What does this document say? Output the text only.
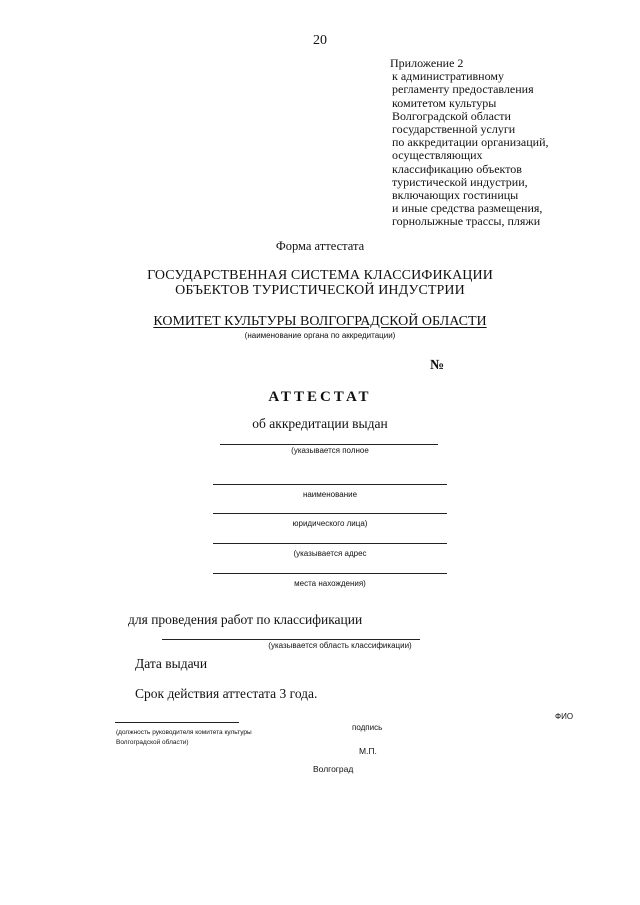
20
Приложение 2
к административному
регламенту предоставления
комитетом культуры
Волгоградской области
государственной услуги
по аккредитации организаций,
осуществляющих
классификацию объектов
туристической индустрии,
включающих гостиницы
и иные средства размещения,
горнолыжные трассы, пляжи
Форма аттестата
ГОСУДАРСТВЕННАЯ СИСТЕМА КЛАССИФИКАЦИИ
ОБЪЕКТОВ ТУРИСТИЧЕСКОЙ ИНДУСТРИИ
КОМИТЕТ КУЛЬТУРЫ ВОЛГОГРАДСКОЙ ОБЛАСТИ
(наименование органа по аккредитации)
№
АТТЕСТАТ
об аккредитации выдан
(указывается полное
наименование
юридического лица)
(указывается адрес
места нахождения)
для проведения работ по классификации
(указывается область классификации)
Дата выдачи
Срок действия аттестата 3 года.
(должность руководителя комитета культуры
Волгоградской области)
подпись
ФИО
М.П.
Волгоград
